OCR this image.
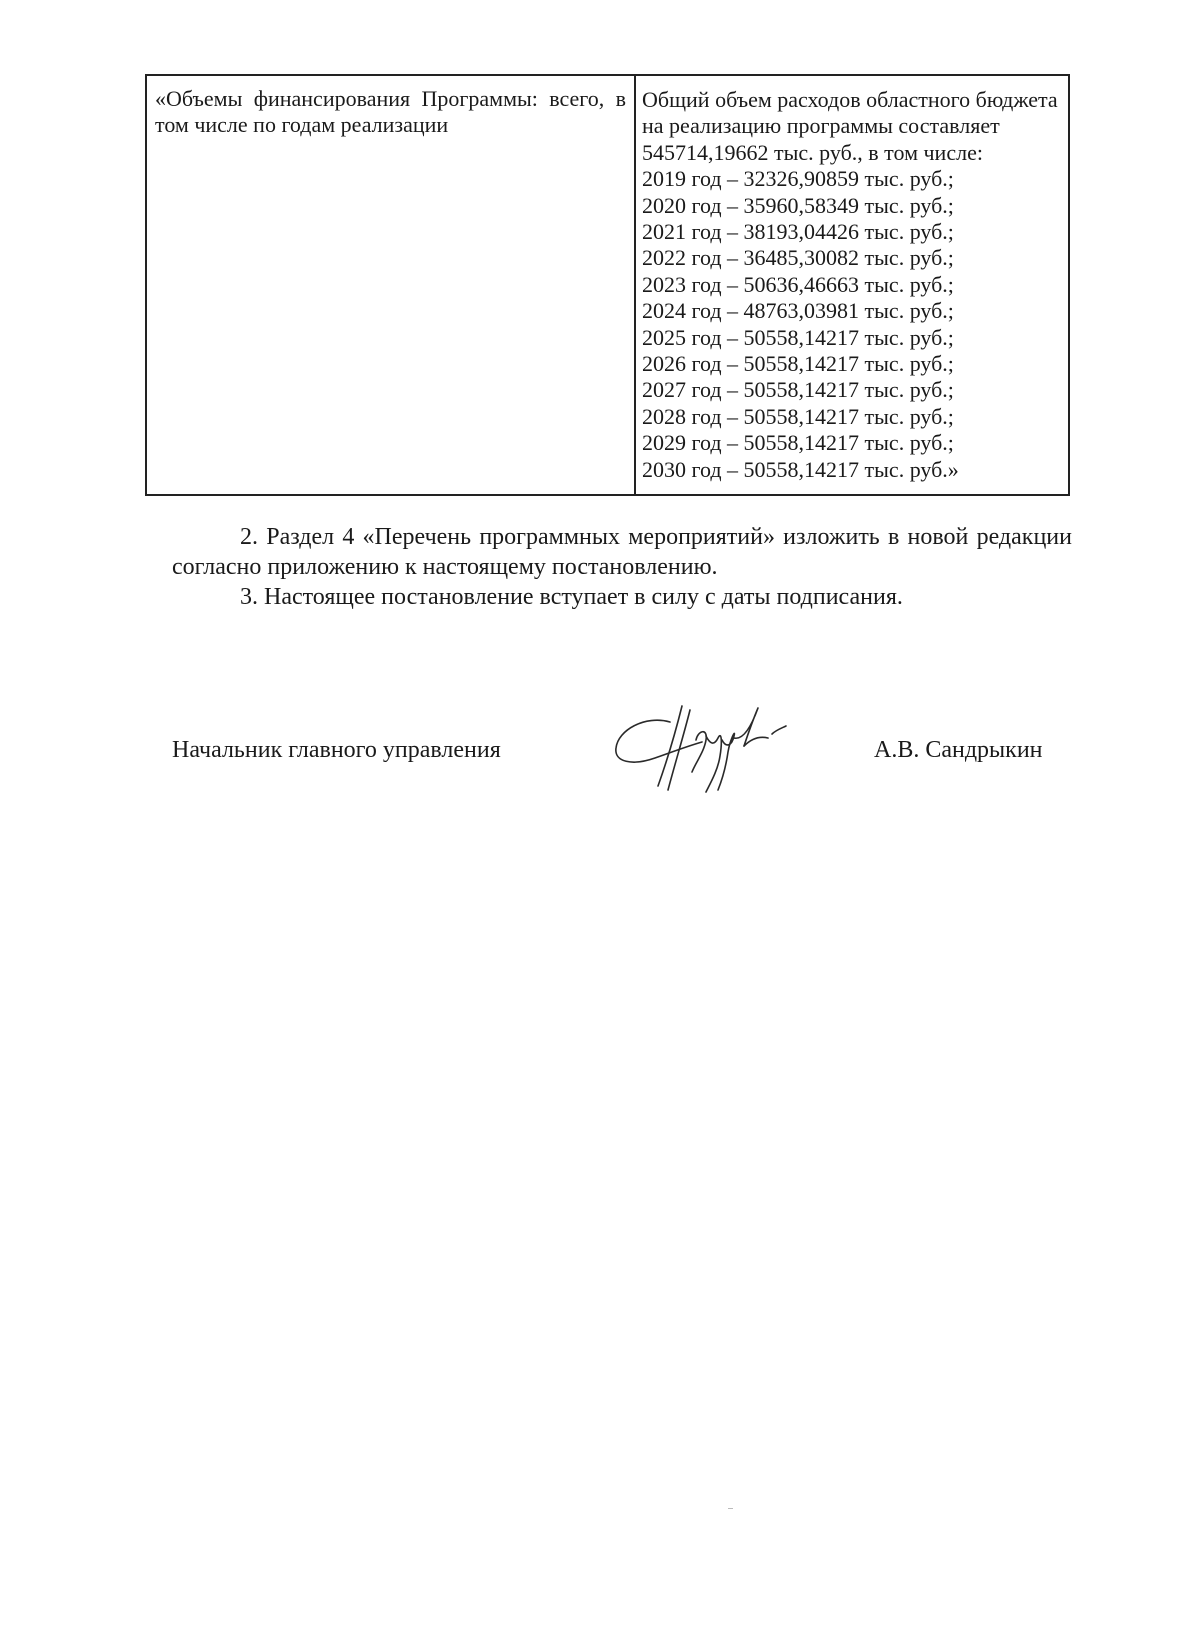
«Объемы финансирования Программы: всего, в том числе по годам реализации
Общий объем расходов областного бюджета на реализацию программы составляет 545714,19662 тыс. руб., в том числе:
2019 год – 32326,90859 тыс. руб.;
2020 год – 35960,58349 тыс. руб.;
2021 год – 38193,04426 тыс. руб.;
2022 год – 36485,30082 тыс. руб.;
2023 год – 50636,46663 тыс. руб.;
2024 год – 48763,03981 тыс. руб.;
2025 год – 50558,14217 тыс. руб.;
2026 год – 50558,14217 тыс. руб.;
2027 год – 50558,14217 тыс. руб.;
2028 год – 50558,14217 тыс. руб.;
2029 год – 50558,14217 тыс. руб.;
2030 год – 50558,14217 тыс. руб.»
2. Раздел 4 «Перечень программных мероприятий» изложить в новой редакции согласно приложению к настоящему постановлению.
3. Настоящее постановление вступает в силу с даты подписания.
Начальник главного управления	А.В. Сандрыкин
